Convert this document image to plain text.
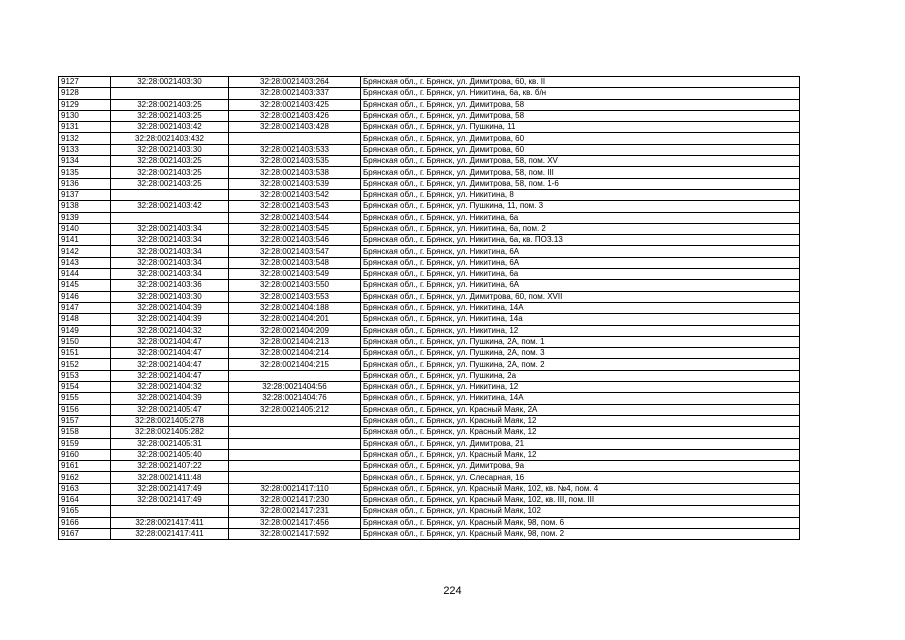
9127	32:28:0021403:30	32:28:0021403:264	Брянская обл., г. Брянск, ул. Димитрова, 60, кв. II
9128		32:28:0021403:337	Брянская обл., г. Брянск, ул. Никитина, 6а, кв. б/н
9129	32:28:0021403:25	32:28:0021403:425	Брянская обл., г. Брянск, ул. Димитрова, 58
9130	32:28:0021403:25	32:28:0021403:426	Брянская обл., г. Брянск, ул. Димитрова, 58
9131	32:28:0021403:42	32:28:0021403:428	Брянская обл., г. Брянск, ул. Пушкина, 11
9132	32:28:0021403:432		Брянская обл., г. Брянск, ул. Димитрова, 60
9133	32:28:0021403:30	32:28:0021403:533	Брянская обл., г. Брянск, ул. Димитрова, 60
9134	32:28:0021403:25	32:28:0021403:535	Брянская обл., г. Брянск, ул. Димитрова, 58, пом. XV
9135	32:28:0021403:25	32:28:0021403:538	Брянская обл., г. Брянск, ул. Димитрова, 58, пом. III
9136	32:28:0021403:25	32:28:0021403:539	Брянская обл., г. Брянск, ул. Димитрова, 58, пом. 1-6
9137		32:28:0021403:542	Брянская обл., г. Брянск, ул. Никитина, 8
9138	32:28:0021403:42	32:28:0021403:543	Брянская обл., г. Брянск, ул. Пушкина, 11, пом. 3
9139		32:28:0021403:544	Брянская обл., г. Брянск, ул. Никитина, 6а
9140	32:28:0021403:34	32:28:0021403:545	Брянская обл., г. Брянск, ул. Никитина, 6а, пом. 2
9141	32:28:0021403:34	32:28:0021403:546	Брянская обл., г. Брянск, ул. Никитина, 6а, кв. ПОЗ.13
9142	32:28:0021403:34	32:28:0021403:547	Брянская обл., г. Брянск, ул. Никитина, 6А
9143	32:28:0021403:34	32:28:0021403:548	Брянская обл., г. Брянск, ул. Никитина, 6А
9144	32:28:0021403:34	32:28:0021403:549	Брянская обл., г. Брянск, ул. Никитина, 6а
9145	32:28:0021403:36	32:28:0021403:550	Брянская обл., г. Брянск, ул. Никитина, 6А
9146	32:28:0021403:30	32:28:0021403:553	Брянская обл., г. Брянск, ул. Димитрова, 60, пом. XVII
9147	32:28:0021404:39	32:28:0021404:188	Брянская обл., г. Брянск, ул. Никитина, 14А
9148	32:28:0021404:39	32:28:0021404:201	Брянская обл., г. Брянск, ул. Никитина, 14а
9149	32:28:0021404:32	32:28:0021404:209	Брянская обл., г. Брянск, ул. Никитина, 12
9150	32:28:0021404:47	32:28:0021404:213	Брянская обл., г. Брянск, ул. Пушкина, 2А, пом. 1
9151	32:28:0021404:47	32:28:0021404:214	Брянская обл., г. Брянск, ул. Пушкина, 2А, пом. 3
9152	32:28:0021404:47	32:28:0021404:215	Брянская обл., г. Брянск, ул. Пушкина, 2А, пом. 2
9153	32:28:0021404:47		Брянская обл., г. Брянск, ул. Пушкина, 2а
9154	32:28:0021404:32	32:28:0021404:56	Брянская обл., г. Брянск, ул. Никитина, 12
9155	32:28:0021404:39	32:28:0021404:76	Брянская обл., г. Брянск, ул. Никитина, 14А
9156	32:28:0021405:47	32:28:0021405:212	Брянская обл., г. Брянск, ул. Красный Маяк, 2А
9157	32:28:0021405:278		Брянская обл., г. Брянск, ул. Красный Маяк, 12
9158	32:28:0021405:282		Брянская обл., г. Брянск, ул. Красный Маяк, 12
9159	32:28:0021405:31		Брянская обл., г. Брянск, ул. Димитрова, 21
9160	32:28:0021405:40		Брянская обл., г. Брянск, ул. Красный Маяк, 12
9161	32:28:0021407:22		Брянская обл., г. Брянск, ул. Димитрова, 9а
9162	32:28:0021411:48		Брянская обл., г. Брянск, ул. Слесарная, 16
9163	32:28:0021417:49	32:28:0021417:110	Брянская обл., г. Брянск, ул. Красный Маяк, 102, кв. №4, пом. 4
9164	32:28:0021417:49	32:28:0021417:230	Брянская обл., г. Брянск, ул. Красный Маяк, 102, кв. III, пом. III
9165		32:28:0021417:231	Брянская обл., г. Брянск, ул. Красный Маяк, 102
9166	32:28:0021417:411	32:28:0021417:456	Брянская обл., г. Брянск, ул. Красный Маяк, 98, пом. 6
9167	32:28:0021417:411	32:28:0021417:592	Брянская обл., г. Брянск, ул. Красный Маяк, 98, пом. 2
224
